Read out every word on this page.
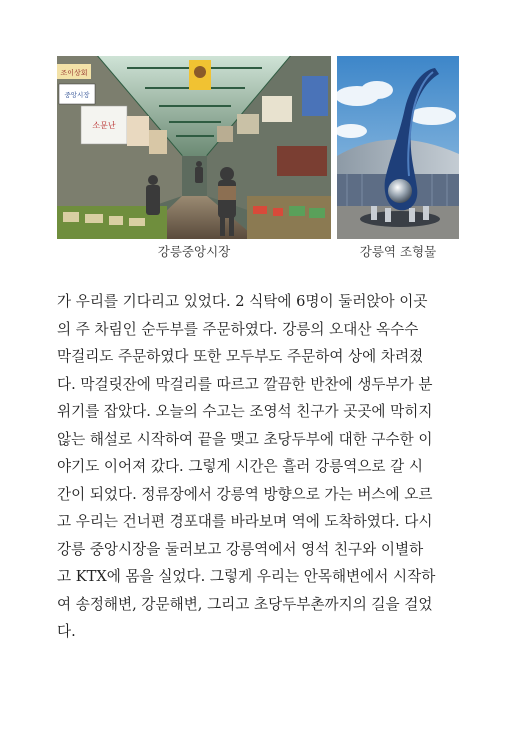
조이상회
중앙시장
소문난
강릉중앙시장	강릉역 조형물

가 우리를 기다리고 있었다. 2 식탁에 6명이 둘러앉아 이곳
의 주 차림인 순두부를 주문하였다. 강릉의 오대산 옥수수
막걸리도 주문하였다 또한 모두부도 주문하여 상에 차려졌
다. 막걸릿잔에 막걸리를 따르고 깔끔한 반찬에 생두부가 분
위기를 잡았다. 오늘의 수고는 조영석 친구가 곳곳에 막히지
않는 해설로 시작하여 끝을 맺고 초당두부에 대한 구수한 이
야기도 이어져 갔다. 그렇게 시간은 흘러 강릉역으로 갈 시
간이 되었다. 정류장에서 강릉역 방향으로 가는 버스에 오르
고 우리는 건너편 경포대를 바라보며 역에 도착하였다. 다시
강릉 중앙시장을 둘러보고 강릉역에서 영석 친구와 이별하
고 KTX에 몸을 실었다. 그렇게 우리는 안목해변에서 시작하
여 송정해변, 강문해변, 그리고 초당두부촌까지의 길을 걸었
다.
